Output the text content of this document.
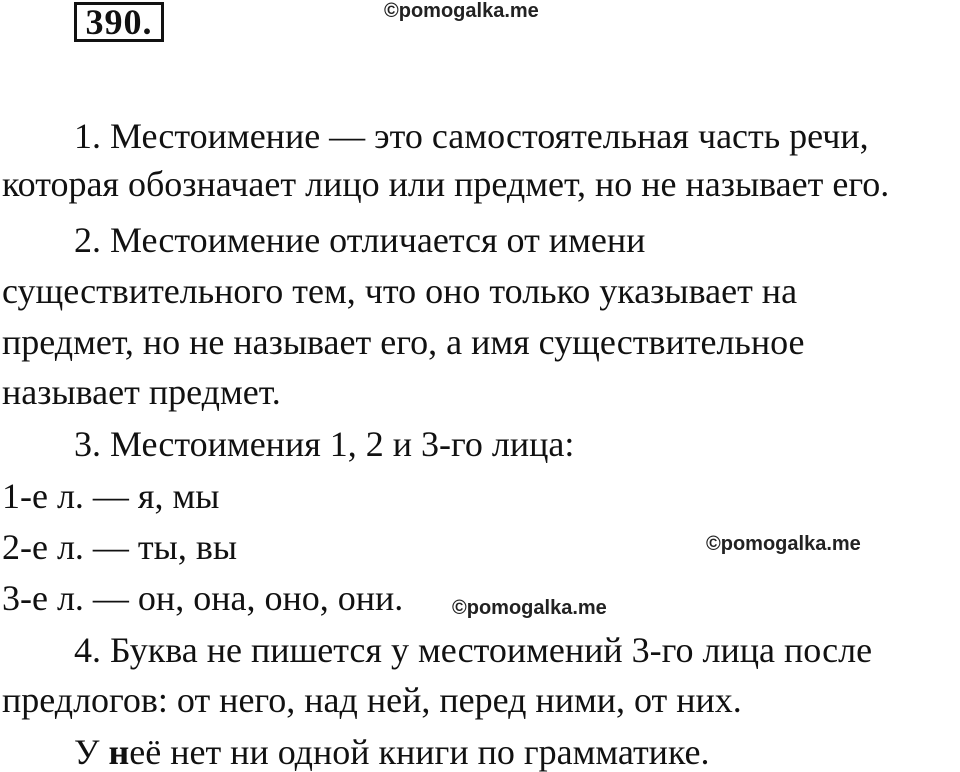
390.	©pomogalka.me
©pomogalka.me
©pomogalka.me
1. Местоимение — это самостоятельная часть речи,
которая обозначает лицо или предмет, но не называет его.
2. Местоимение отличается от имени
существительного тем, что оно только указывает на
предмет, но не называет его, а имя существительное
называет предмет.
3. Местоимения 1, 2 и 3-го лица:
1-е л. — я, мы
2-е л. — ты, вы
3-е л. — он, она, оно, они.
4. Буква не пишется у местоимений 3-го лица после
предлогов: от него, над ней, перед ними, от них.
У неё нет ни одной книги по грамматике.
